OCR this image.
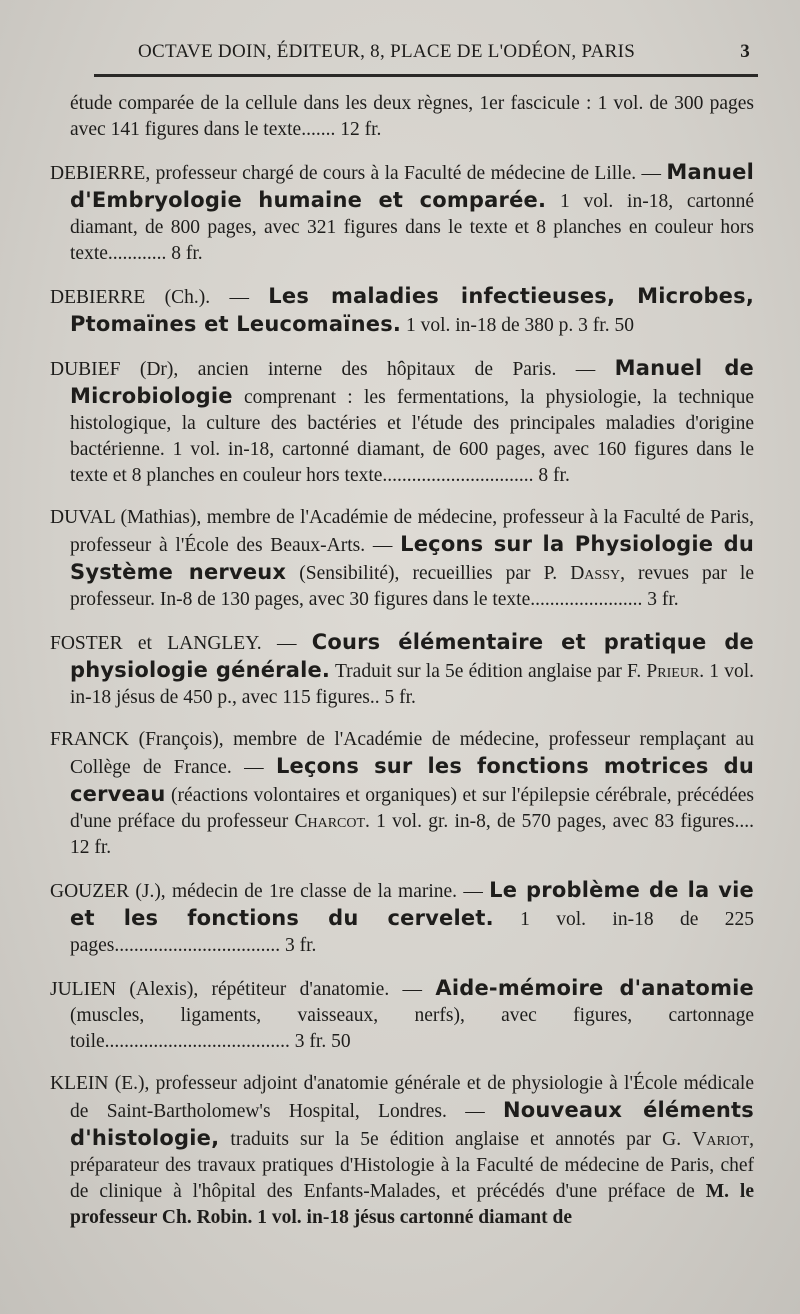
OCTAVE DOIN, ÉDITEUR, 8, PLACE DE L'ODÉON, PARIS	3
étude comparée de la cellule dans les deux règnes, 1er fascicule : 1 vol. de 300 pages avec 141 figures dans le texte....... 12 fr.
DEBIERRE, professeur chargé de cours à la Faculté de médecine de Lille. — Manuel d'Embryologie humaine et comparée. 1 vol. in-18, cartonné diamant, de 800 pages, avec 321 figures dans le texte et 8 planches en couleur hors texte............ 8 fr.
DEBIERRE (Ch.). — Les maladies infectieuses, Microbes, Ptomaïnes et Leucomaïnes. 1 vol. in-18 de 380 p. 3 fr. 50
DUBIEF (Dr), ancien interne des hôpitaux de Paris. — Manuel de Microbiologie comprenant : les fermentations, la physiologie, la technique histologique, la culture des bactéries et l'étude des principales maladies d'origine bactérienne. 1 vol. in-18, cartonné diamant, de 600 pages, avec 160 figures dans le texte et 8 planches en couleur hors texte............................... 8 fr.
DUVAL (Mathias), membre de l'Académie de médecine, professeur à la Faculté de Paris, professeur à l'École des Beaux-Arts. — Leçons sur la Physiologie du Système nerveux (Sensibilité), recueillies par P. Dassy, revues par le professeur. In-8 de 130 pages, avec 30 figures dans le texte....................... 3 fr.
FOSTER et LANGLEY. — Cours élémentaire et pratique de physiologie générale. Traduit sur la 5e édition anglaise par F. Prieur. 1 vol. in-18 jésus de 450 p., avec 115 figures.. 5 fr.
FRANCK (François), membre de l'Académie de médecine, professeur remplaçant au Collège de France. — Leçons sur les fonctions motrices du cerveau (réactions volontaires et organiques) et sur l'épilepsie cérébrale, précédées d'une préface du professeur Charcot. 1 vol. gr. in-8, de 570 pages, avec 83 figures.... 12 fr.
GOUZER (J.), médecin de 1re classe de la marine. — Le problème de la vie et les fonctions du cervelet. 1 vol. in-18 de 225 pages.................................. 3 fr.
JULIEN (Alexis), répétiteur d'anatomie. — Aide-mémoire d'anatomie (muscles, ligaments, vaisseaux, nerfs), avec figures, cartonnage toile...................................... 3 fr. 50
KLEIN (E.), professeur adjoint d'anatomie générale et de physiologie à l'École médicale de Saint-Bartholomew's Hospital, Londres. — Nouveaux éléments d'histologie, traduits sur la 5e édition anglaise et annotés par G. Variot, préparateur des travaux pratiques d'Histologie à la Faculté de médecine de Paris, chef de clinique à l'hôpital des Enfants-Malades, et précédés d'une préface de M. le professeur Ch. Robin. 1 vol. in-18 jésus cartonné diamant de
